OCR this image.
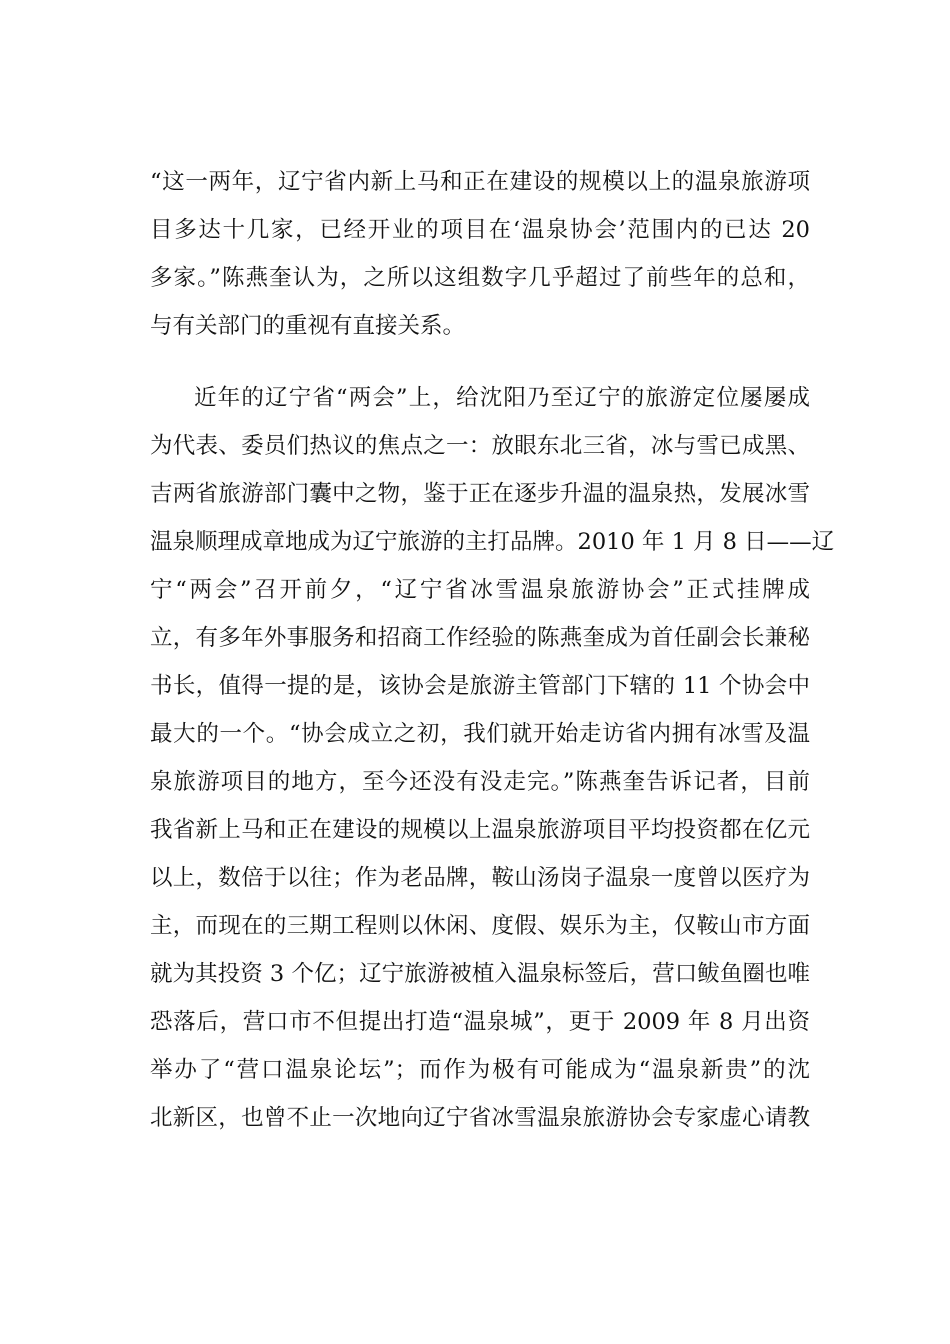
“这一两年，辽宁省内新上马和正在建设的规模以上的温泉旅游项
目多达十几家，已经开业的项目在‘温泉协会’范围内的已达 20
多家。”陈燕奎认为，之所以这组数字几乎超过了前些年的总和，
与有关部门的重视有直接关系。
近年的辽宁省“两会”上，给沈阳乃至辽宁的旅游定位屡屡成
为代表、委员们热议的焦点之一：放眼东北三省，冰与雪已成黑、
吉两省旅游部门囊中之物，鉴于正在逐步升温的温泉热，发展冰雪
温泉顺理成章地成为辽宁旅游的主打品牌。2010 年 1 月 8 日——辽
宁“两会”召开前夕，“辽宁省冰雪温泉旅游协会”正式挂牌成
立，有多年外事服务和招商工作经验的陈燕奎成为首任副会长兼秘
书长，值得一提的是，该协会是旅游主管部门下辖的 11 个协会中
最大的一个。“协会成立之初，我们就开始走访省内拥有冰雪及温
泉旅游项目的地方，至今还没有没走完。”陈燕奎告诉记者，目前
我省新上马和正在建设的规模以上温泉旅游项目平均投资都在亿元
以上，数倍于以往；作为老品牌，鞍山汤岗子温泉一度曾以医疗为
主，而现在的三期工程则以休闲、度假、娱乐为主，仅鞍山市方面
就为其投资 3 个亿；辽宁旅游被植入温泉标签后，营口鲅鱼圈也唯
恐落后，营口市不但提出打造“温泉城”，更于 2009 年 8 月出资
举办了“营口温泉论坛”；而作为极有可能成为“温泉新贵”的沈
北新区，也曾不止一次地向辽宁省冰雪温泉旅游协会专家虚心请教
